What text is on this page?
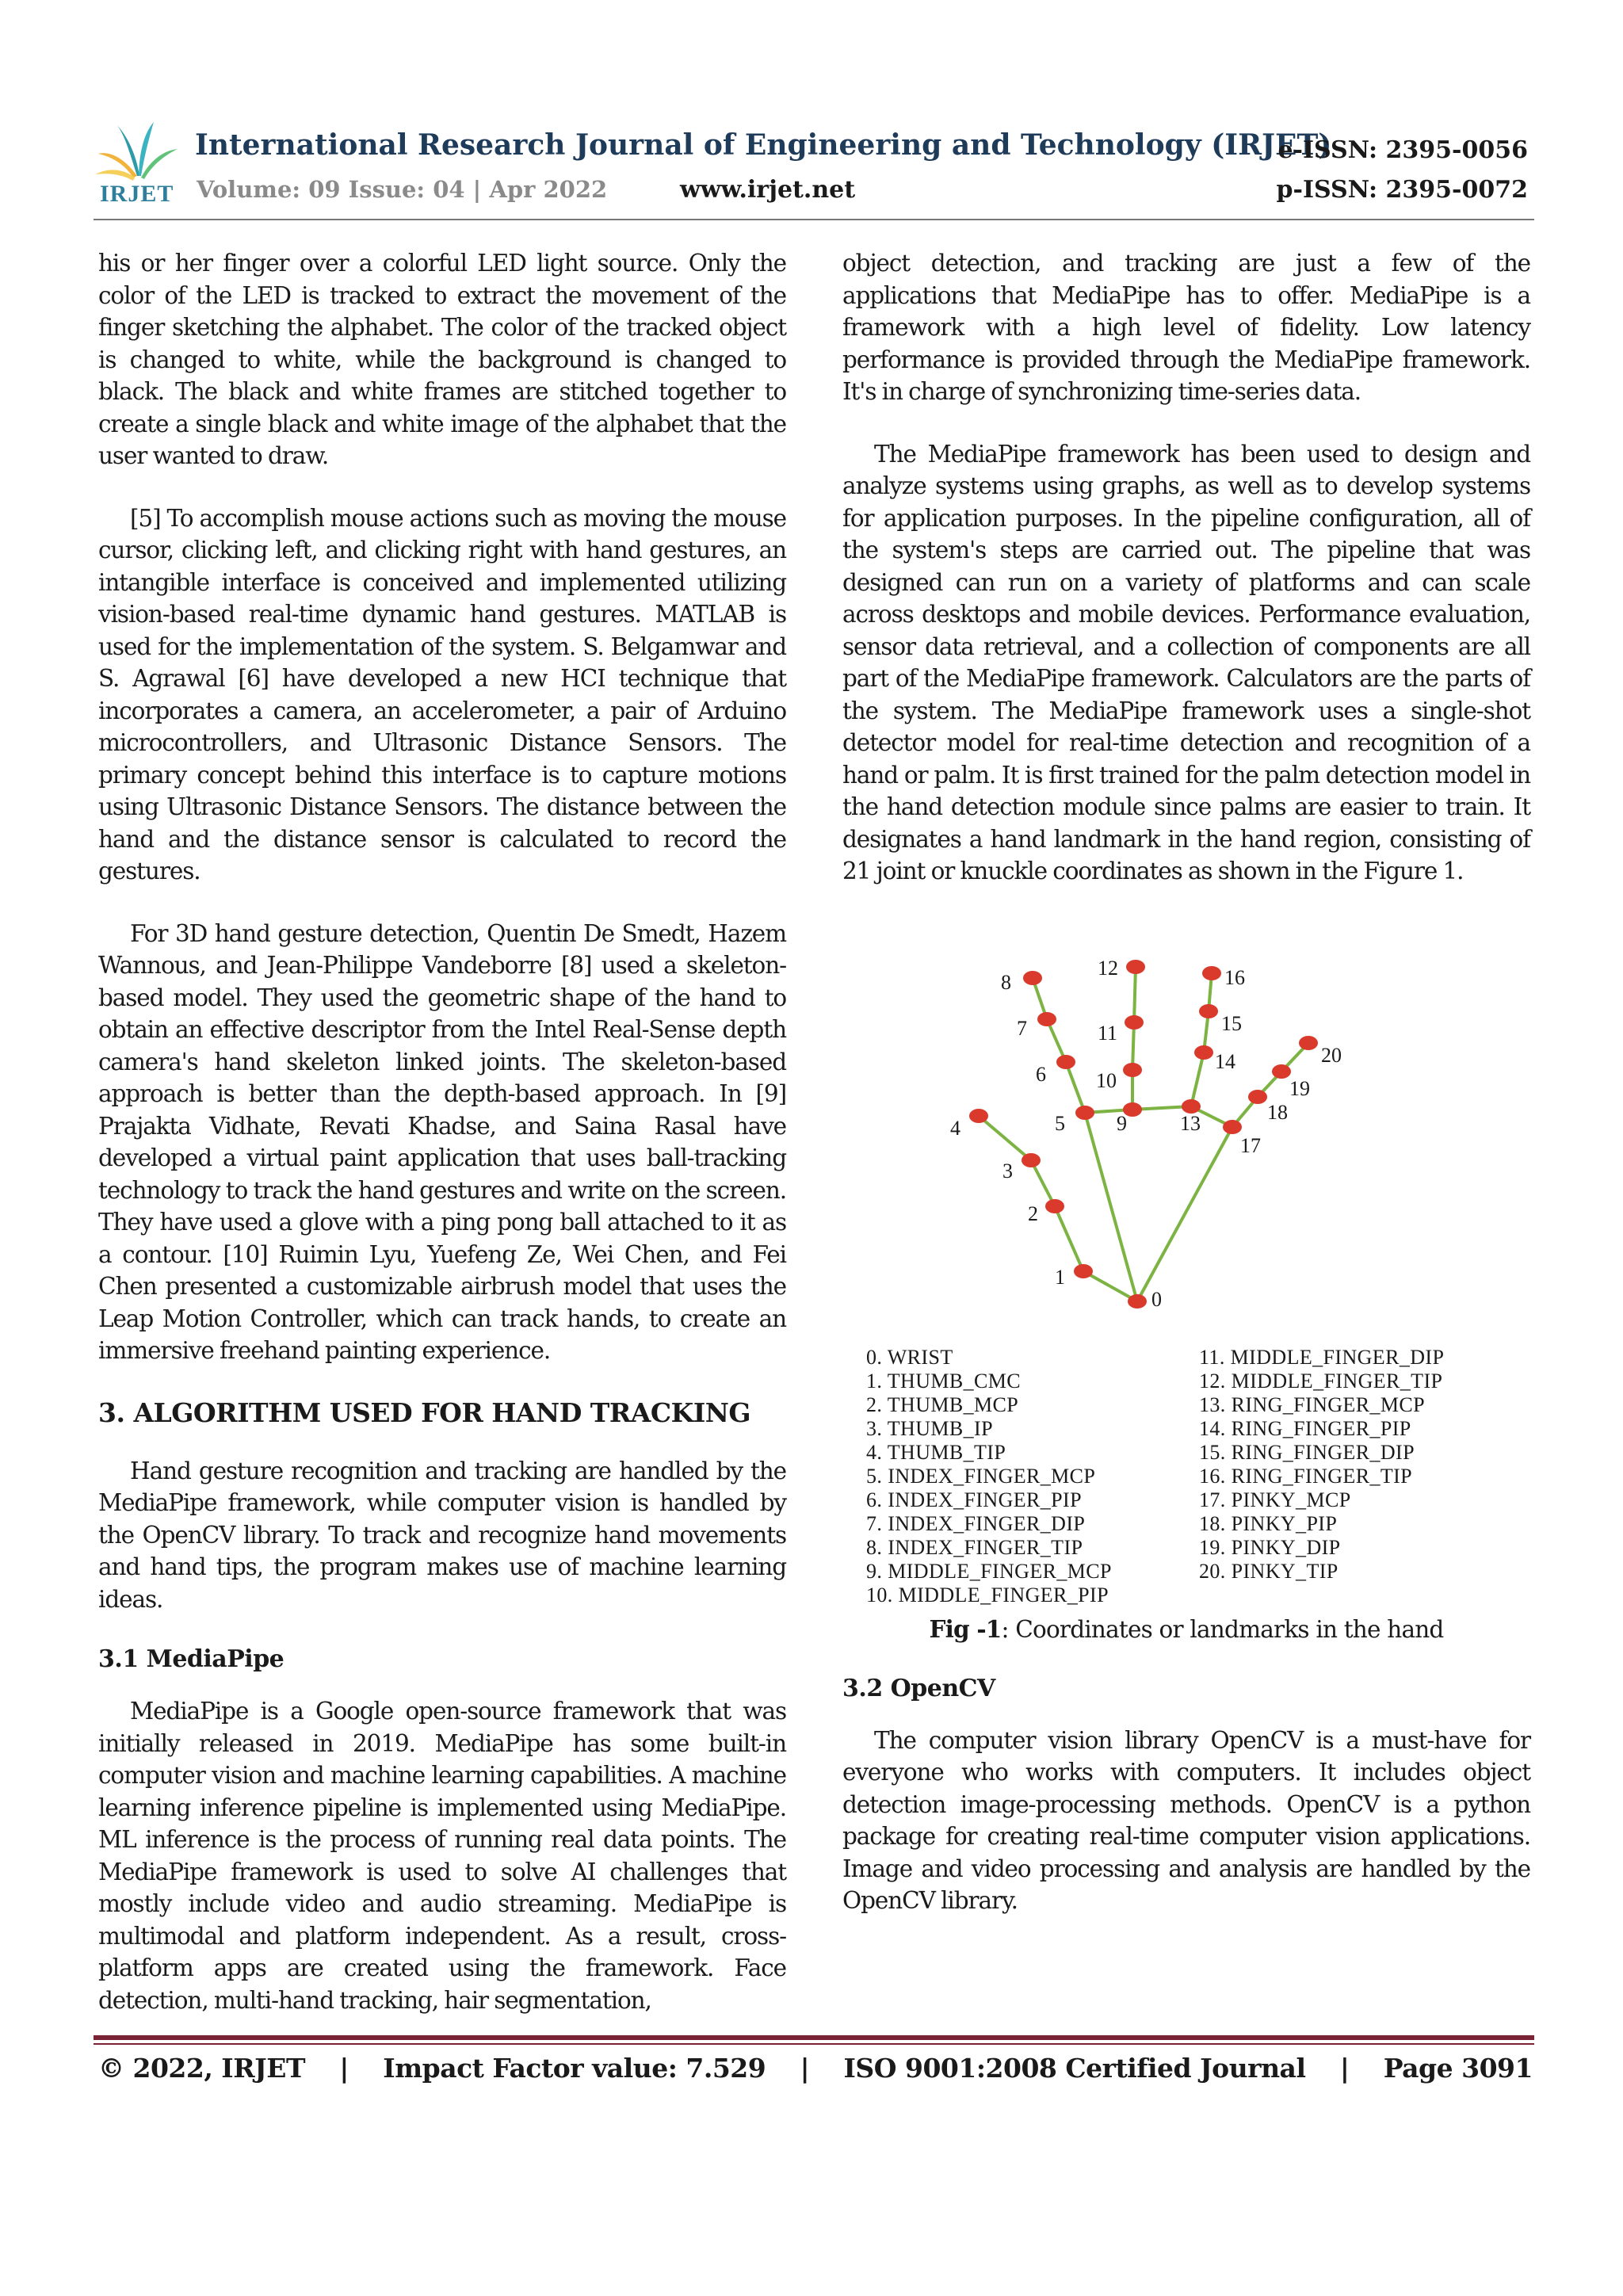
IRJET
International Research Journal of Engineering and Technology (IRJET)
Volume: 09 Issue: 04 | Apr 2022	www.irjet.net
e-ISSN: 2395-0056
p-ISSN: 2395-0072

his or her finger over a colorful LED light source. Only the color of the LED is tracked to extract the movement of the finger sketching the alphabet. The color of the tracked object is changed to white, while the background is changed to black. The black and white frames are stitched together to create a single black and white image of the alphabet that the user wanted to draw.

[5] To accomplish mouse actions such as moving the mouse cursor, clicking left, and clicking right with hand gestures, an intangible interface is conceived and implemented utilizing vision-based real-time dynamic hand gestures. MATLAB is used for the implementation of the system. S. Belgamwar and S. Agrawal [6] have developed a new HCI technique that incorporates a camera, an accelerometer, a pair of Arduino microcontrollers, and Ultrasonic Distance Sensors. The primary concept behind this interface is to capture motions using Ultrasonic Distance Sensors. The distance between the hand and the distance sensor is calculated to record the gestures.

For 3D hand gesture detection, Quentin De Smedt, Hazem Wannous, and Jean-Philippe Vandeborre [8] used a skeleton-based model. They used the geometric shape of the hand to obtain an effective descriptor from the Intel Real-Sense depth camera's hand skeleton linked joints. The skeleton-based approach is better than the depth-based approach. In [9] Prajakta Vidhate, Revati Khadse, and Saina Rasal have developed a virtual paint application that uses ball-tracking technology to track the hand gestures and write on the screen. They have used a glove with a ping pong ball attached to it as a contour. [10] Ruimin Lyu, Yuefeng Ze, Wei Chen, and Fei Chen presented a customizable airbrush model that uses the Leap Motion Controller, which can track hands, to create an immersive freehand painting experience.

3. ALGORITHM USED FOR HAND TRACKING

Hand gesture recognition and tracking are handled by the MediaPipe framework, while computer vision is handled by the OpenCV library. To track and recognize hand movements and hand tips, the program makes use of machine learning ideas.

3.1 MediaPipe

MediaPipe is a Google open-source framework that was initially released in 2019. MediaPipe has some built-in computer vision and machine learning capabilities. A machine learning inference pipeline is implemented using MediaPipe. ML inference is the process of running real data points. The MediaPipe framework is used to solve AI challenges that mostly include video and audio streaming. MediaPipe is multimodal and platform independent. As a result, cross-platform apps are created using the framework. Face detection, multi-hand tracking, hair segmentation,

object detection, and tracking are just a few of the applications that MediaPipe has to offer. MediaPipe is a framework with a high level of fidelity. Low latency performance is provided through the MediaPipe framework. It's in charge of synchronizing time-series data.

The MediaPipe framework has been used to design and analyze systems using graphs, as well as to develop systems for application purposes. In the pipeline configuration, all of the system's steps are carried out. The pipeline that was designed can run on a variety of platforms and can scale across desktops and mobile devices. Performance evaluation, sensor data retrieval, and a collection of components are all part of the MediaPipe framework. Calculators are the parts of the system. The MediaPipe framework uses a single-shot detector model for real-time detection and recognition of a hand or palm. It is first trained for the palm detection model in the hand detection module since palms are easier to train. It designates a hand landmark in the hand region, consisting of 21 joint or knuckle coordinates as shown in the Figure 1.

0
1
2
3
4	5
6
7
8
9
10
11
12
13
14
15
16
17
18
19
20
0. WRIST
1. THUMB_CMC
2. THUMB_MCP
3. THUMB_IP
4. THUMB_TIP
5. INDEX_FINGER_MCP
6. INDEX_FINGER_PIP
7. INDEX_FINGER_DIP
8. INDEX_FINGER_TIP
9. MIDDLE_FINGER_MCP
10. MIDDLE_FINGER_PIP
11. MIDDLE_FINGER_DIP
12. MIDDLE_FINGER_TIP
13. RING_FINGER_MCP
14. RING_FINGER_PIP
15. RING_FINGER_DIP
16. RING_FINGER_TIP
17. PINKY_MCP
18. PINKY_PIP
19. PINKY_DIP
20. PINKY_TIP

Fig -1: Coordinates or landmarks in the hand

3.2 OpenCV

The computer vision library OpenCV is a must-have for everyone who works with computers. It includes object detection image-processing methods. OpenCV is a python package for creating real-time computer vision applications. Image and video processing and analysis are handled by the OpenCV library.

© 2022, IRJET | Impact Factor value: 7.529 | ISO 9001:2008 Certified Journal | Page 3091
